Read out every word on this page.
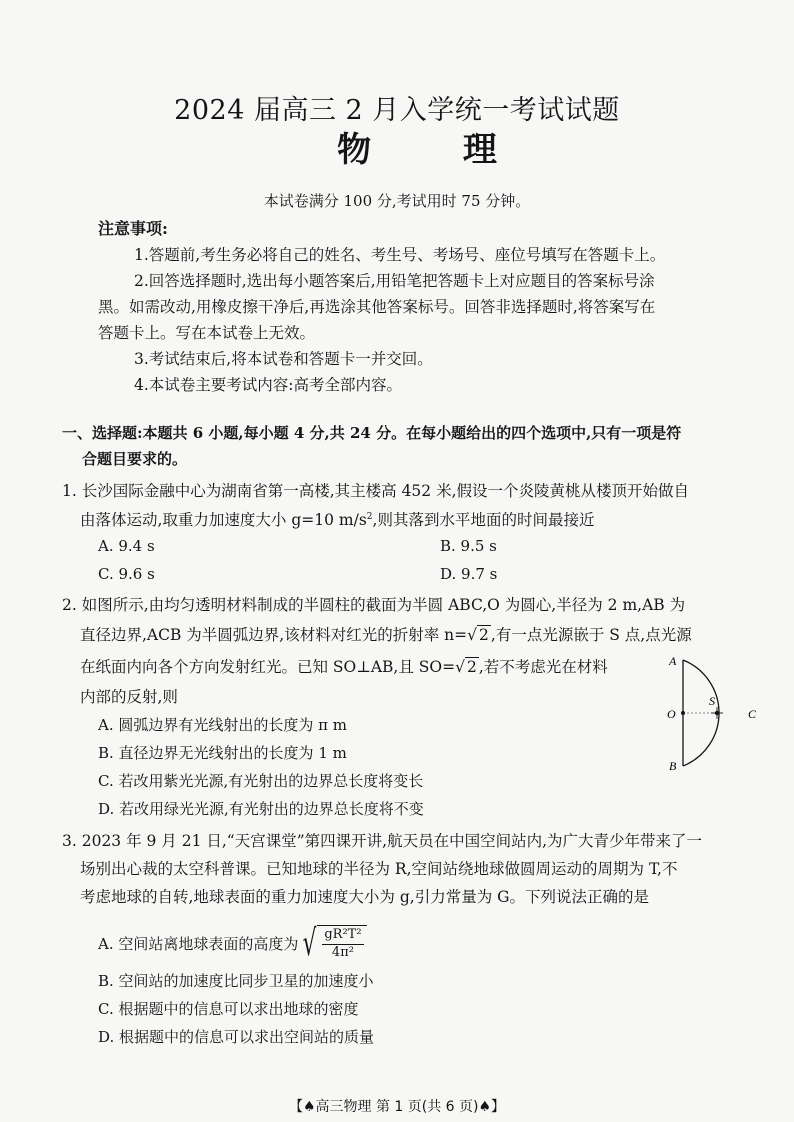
2024 届高三 2 月入学统一考试试题
物 理
本试卷满分 100 分,考试用时 75 分钟。
注意事项:
1.答题前,考生务必将自己的姓名、考生号、考场号、座位号填写在答题卡上。
2.回答选择题时,选出每小题答案后,用铅笔把答题卡上对应题目的答案标号涂
黑。如需改动,用橡皮擦干净后,再选涂其他答案标号。回答非选择题时,将答案写在
答题卡上。写在本试卷上无效。
3.考试结束后,将本试卷和答题卡一并交回。
4.本试卷主要考试内容:高考全部内容。
一、选择题:本题共 6 小题,每小题 4 分,共 24 分。在每小题给出的四个选项中,只有一项是符
合题目要求的。
1. 长沙国际金融中心为湖南省第一高楼,其主楼高 452 米,假设一个炎陵黄桃从楼顶开始做自
由落体运动,取重力加速度大小 g=10 $m/s^2$,则其落到水平地面的时间最接近
A. 9.4 s	B. 9.5 s
C. 9.6 s	D. 9.7 s
2. 如图所示,由均匀透明材料制成的半圆柱的截面为半圆 ABC,O 为圆心,半径为 2 m,AB 为
直径边界,ACB 为半圆弧边界,该材料对红光的折射率 n=√ 2 ,有一点光源嵌于 S 点,点光源
在纸面内向各个方向发射红光。已知 SO⊥AB,且 SO=√ 2 ,若不考虑光在材料
内部的反射,则
A. 圆弧边界有光线射出的长度为 π m
B. 直径边界无光线射出的长度为 1 m
C. 若改用紫光光源,有光射出的边界总长度将变长
D. 若改用绿光光源,有光射出的边界总长度将不变
A
B
C
O
S
3. 2023 年 9 月 21 日,“天宫课堂”第四课开讲,航天员在中国空间站内,为广大青少年带来了一
场别出心裁的太空科普课。已知地球的半径为 R,空间站绕地球做圆周运动的周期为 T,不
考虑地球的自转,地球表面的重力加速度大小为 g,引力常量为 G。下列说法正确的是
A. 空间站离地球表面的高度为 √ $\frac{\text{gR²T²}}{\text{4π²}}$
B. 空间站的加速度比同步卫星的加速度小
C. 根据题中的信息可以求出地球的密度
D. 根据题中的信息可以求出空间站的质量
【♠高三物理 第 1 页(共 6 页)♠】
